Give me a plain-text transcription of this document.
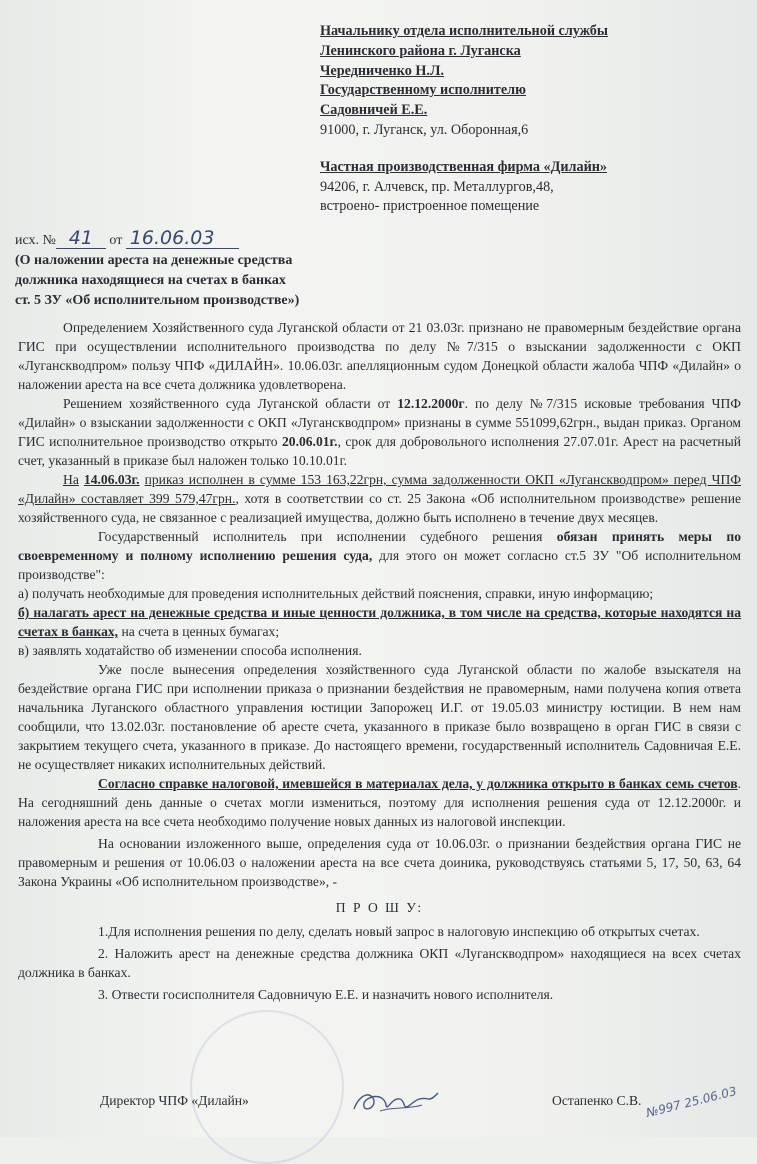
Начальнику отдела исполнительной службы
Ленинского района г. Луганска
Чередниченко Н.Л.
Государственному исполнителю
Садовничей Е.Е.
91000, г. Луганск, ул. Оборонная,6
Частная производственная фирма «Дилайн»
94206, г. Алчевск, пр. Металлургов,48,
встроено- пристроенное помещение
исх. № 41 от 16.06.03
(О наложении ареста на денежные средства
должника находящиеся на счетах в банках
ст. 5 ЗУ «Об исполнительном производстве»)

Определением Хозяйственного суда Луганской области от 21 03.03г. признано не правомерным бездействие органа ГИС при осуществлении исполнительного производства по делу №7/315 о взыскании задолженности с ОКП «Луганскводпром» пользу ЧПФ «ДИЛАЙН». 10.06.03г. апелляционным судом Донецкой области жалоба ЧПФ «Дилайн» о наложении ареста на все счета должника удовлетворена.

Решением хозяйственного суда Луганской области от 12.12.2000г. по делу №7/315 исковые требования ЧПФ «Дилайн» о взыскании задолженности с ОКП «Луганскводпром» признаны в сумме 551099,62грн., выдан приказ. Органом ГИС исполнительное производство открыто 20.06.01г., срок для добровольного исполнения 27.07.01г. Арест на расчетный счет, указанный в приказе был наложен только 10.10.01г.

На 14.06.03г. приказ исполнен в сумме 153 163,22грн, сумма задолженности ОКП «Луганскводпром» перед ЧПФ «Дилайн» составляет 399 579,47грн., хотя в соответствии со ст. 25 Закона «Об исполнительном производстве» решение хозяйственного суда, не связанное с реализацией имущества, должно быть исполнено в течение двух месяцев.

Государственный исполнитель при исполнении судебного решения обязан принять меры по своевременному и полному исполнению решения суда, для этого он может согласно ст.5 ЗУ "Об исполнительном производстве":

а) получать необходимые для проведения исполнительных действий пояснения, справки, иную информацию;

б) налагать арест на денежные средства и иные ценности должника, в том числе на средства, которые находятся на счетах в банках, на счета в ценных бумагах;

в) заявлять ходатайство об изменении способа исполнения.

Уже после вынесения определения хозяйственного суда Луганской области по жалобе взыскателя на бездействие органа ГИС при исполнении приказа о признании бездействия не правомерным, нами получена копия ответа начальника Луганского областного управления юстиции Запорожец И.Г. от 19.05.03 министру юстиции. В нем нам сообщили, что 13.02.03г. постановление об аресте счета, указанного в приказе было возвращено в орган ГИС в связи с закрытием текущего счета, указанного в приказе. До настоящего времени, государственный исполнитель Садовничая Е.Е. не осуществляет никаких исполнительных действий.

Согласно справке налоговой, имевшейся в материалах дела, у должника открыто в банках семь счетов. На сегодняшний день данные о счетах могли измениться, поэтому для исполнения решения суда от 12.12.2000г. и наложения ареста на все счета необходимо получение новых данных из налоговой инспекции.

На основании изложенного выше, определения суда от 10.06.03г. о признании бездействия органа ГИС не правомерным и решения от 10.06.03 о наложении ареста на все счета доиника, руководствуясь статьями 5, 17, 50, 63, 64 Закона Украины «Об исполнительном производстве», -

П Р О Ш У:

1.Для исполнения решения по делу, сделать новый запрос в налоговую инспекцию об открытых счетах.

2. Наложить арест на денежные средства должника ОКП «Луганскводпром» находящиеся на всех счетах должника в банках.

3. Отвести госисполнителя Садовничую Е.Е. и назначить нового исполнителя.

Директор ЧПФ «Дилайн»	Остапенко С.В. №997 25.06.03
